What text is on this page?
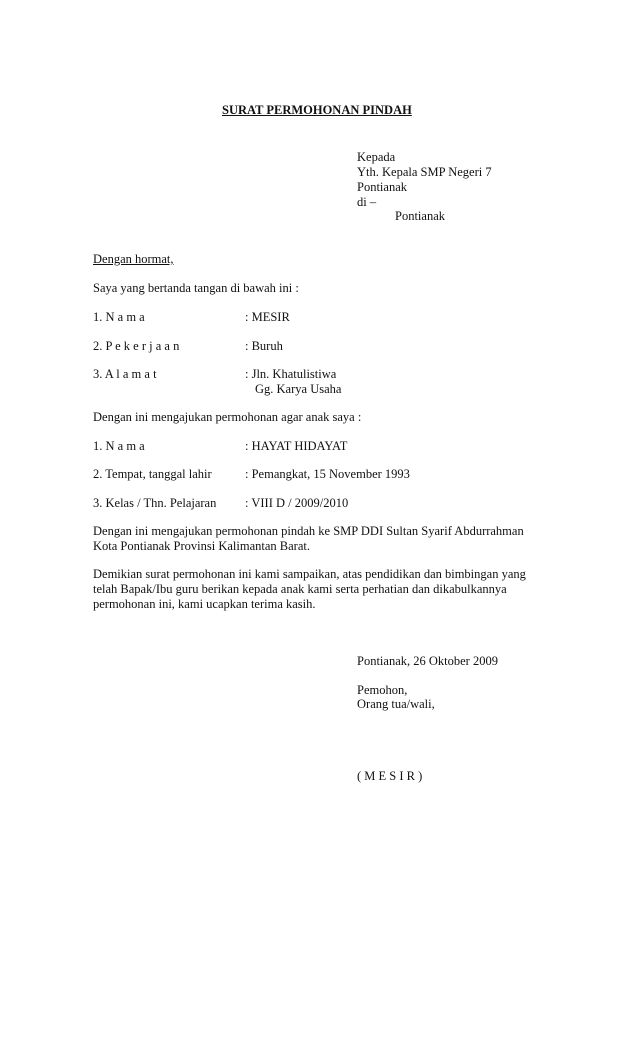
SURAT PERMOHONAN PINDAH
Kepada
Yth. Kepala SMP Negeri 7
Pontianak
di –
Pontianak
Dengan hormat,
Saya yang bertanda tangan di bawah ini :
1. N a m a	: MESIR
2. P e k e r j a a n	: Buruh
3. A l a m a t	: Jln. Khatulistiwa
Gg. Karya Usaha
Dengan ini mengajukan permohonan agar anak saya :
1. N a m a	: HAYAT HIDAYAT
2. Tempat, tanggal lahir	: Pemangkat, 15 November 1993
3. Kelas / Thn. Pelajaran : VIII D / 2009/2010
Dengan ini mengajukan permohonan pindah ke SMP DDI Sultan Syarif Abdurrahman
Kota Pontianak Provinsi Kalimantan Barat.
Demikian surat permohonan ini kami sampaikan, atas pendidikan dan bimbingan yang
telah Bapak/Ibu guru berikan kepada anak kami serta perhatian dan dikabulkannya
permohonan ini, kami ucapkan terima kasih.
Pontianak, 26 Oktober 2009
Pemohon,
Orang tua/wali,
( M E S I R )
